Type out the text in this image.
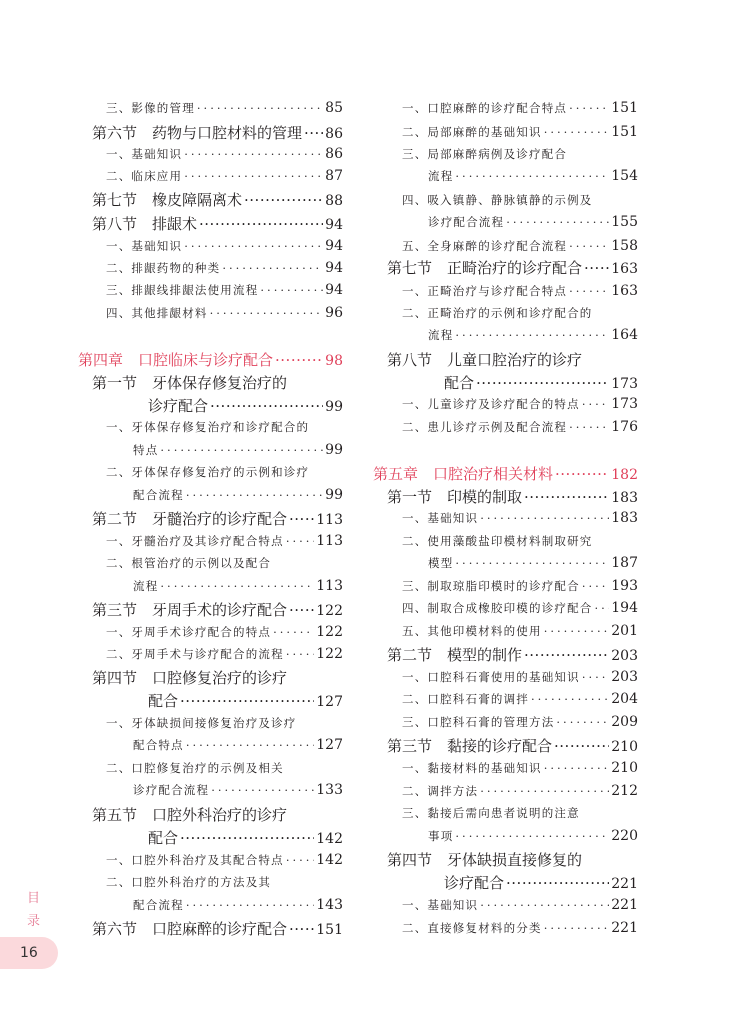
三、影像的管理 ·····	85
第六节　药物与口腔材料的管理 ····· 86
一、基础知识 ·····	86
二、临床应用 ·····	87
第七节　橡皮障隔离术 ·····	88
第八节　排龈术 ·····	94
一、基础知识 ·····	94
二、排龈药物的种类 ·····	94
三、排龈线排龈法使用流程 ·····	94
四、其他排龈材料 ·····	96
第四章　口腔临床与诊疗配合 ·····	98
第一节　牙体保存修复治疗的
诊疗配合 ·····	99
一、牙体保存修复治疗和诊疗配合的
特点 ·····	99
二、牙体保存修复治疗的示例和诊疗
配合流程 ·····	99
第二节　牙髓治疗的诊疗配合 ····· 113
一、牙髓治疗及其诊疗配合特点 ····· 113
二、根管治疗的示例以及配合
流程 ·····	113
第三节　牙周手术的诊疗配合 ····· 122
一、牙周手术诊疗配合的特点 ·····	122
二、牙周手术与诊疗配合的流程 ····· 122
第四节　口腔修复治疗的诊疗
配合 ·····	127
一、牙体缺损间接修复治疗及诊疗
配合特点 ·····	127
二、口腔修复治疗的示例及相关
诊疗配合流程 ·····	133
第五节　口腔外科治疗的诊疗
配合 ·····	142
一、口腔外科治疗及其配合特点 ····· 142
二、口腔外科治疗的方法及其
配合流程 ·····	143
第六节　口腔麻醉的诊疗配合 ····· 151
一、口腔麻醉的诊疗配合特点 ·····	151
二、局部麻醉的基础知识 ·····	151
三、局部麻醉病例及诊疗配合
流程 ·····	154
四、吸入镇静、静脉镇静的示例及
诊疗配合流程 ·····	155
五、全身麻醉的诊疗配合流程 ·····	158
第七节　正畸治疗的诊疗配合 ····· 163
一、正畸治疗与诊疗配合特点 ·····	163
二、正畸治疗的示例和诊疗配合的
流程 ·····	164
第八节　儿童口腔治疗的诊疗
配合 ·····	173
一、儿童诊疗及诊疗配合的特点 ····· 173
二、患儿诊疗示例及配合流程 ·····	176
第五章　口腔治疗相关材料 ·····	182
第一节　印模的制取 ·····	183
一、基础知识 ·····	183
二、使用藻酸盐印模材料制取研究
模型 ·····	187
三、制取琼脂印模时的诊疗配合 ····· 193
四、制取合成橡胶印模的诊疗配合 ····· 194
五、其他印模材料的使用 ·····	201
第二节　模型的制作 ·····	203
一、口腔科石膏使用的基础知识 ····· 203
二、口腔科石膏的调拌 ·····	204
三、口腔科石膏的管理方法 ·····	209
第三节　黏接的诊疗配合 ·····	210
一、黏接材料的基础知识 ·····	210
二、调拌方法 ·····	212
三、黏接后需向患者说明的注意
事项 ·····	220
第四节　牙体缺损直接修复的
诊疗配合 ·····	221
一、基础知识 ·····	221
二、直接修复材料的分类 ·····	221
目
录
16
